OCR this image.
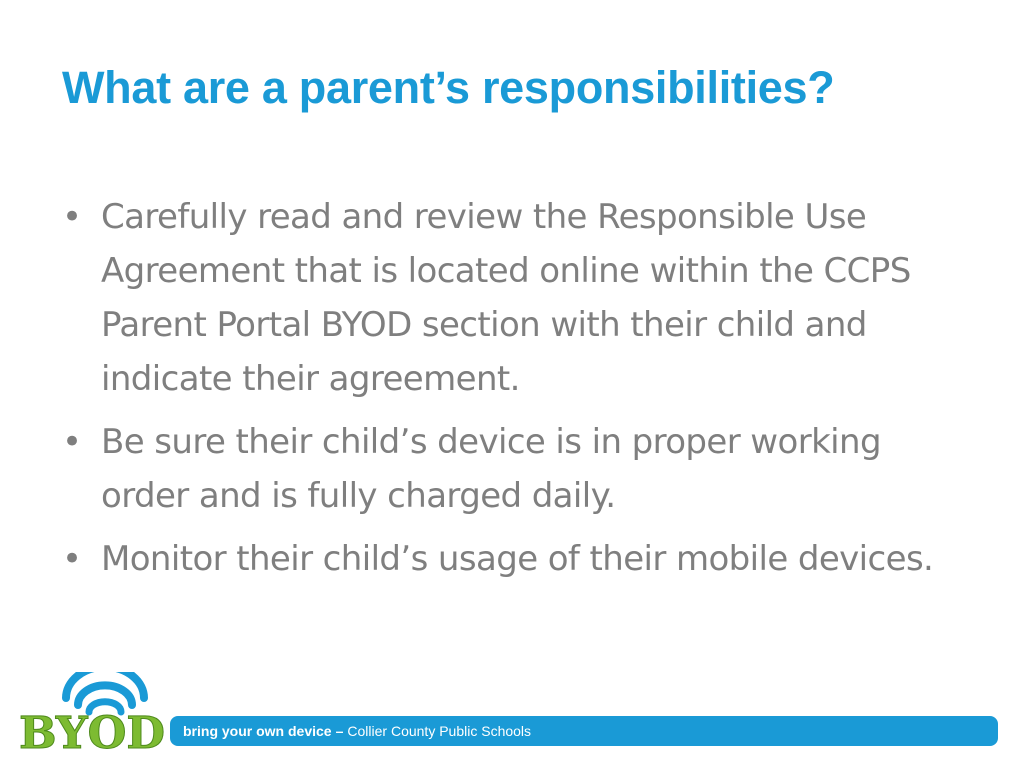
What are a parent’s responsibilities?
• Carefully read and review the Responsible Use Agreement that is located online within the CCPS Parent Portal BYOD section with their child and indicate their agreement.
• Be sure their child’s device is in proper working order and is fully charged daily.
• Monitor their child’s usage of their mobile devices.
BYOD bring your own device – Collier County Public Schools
